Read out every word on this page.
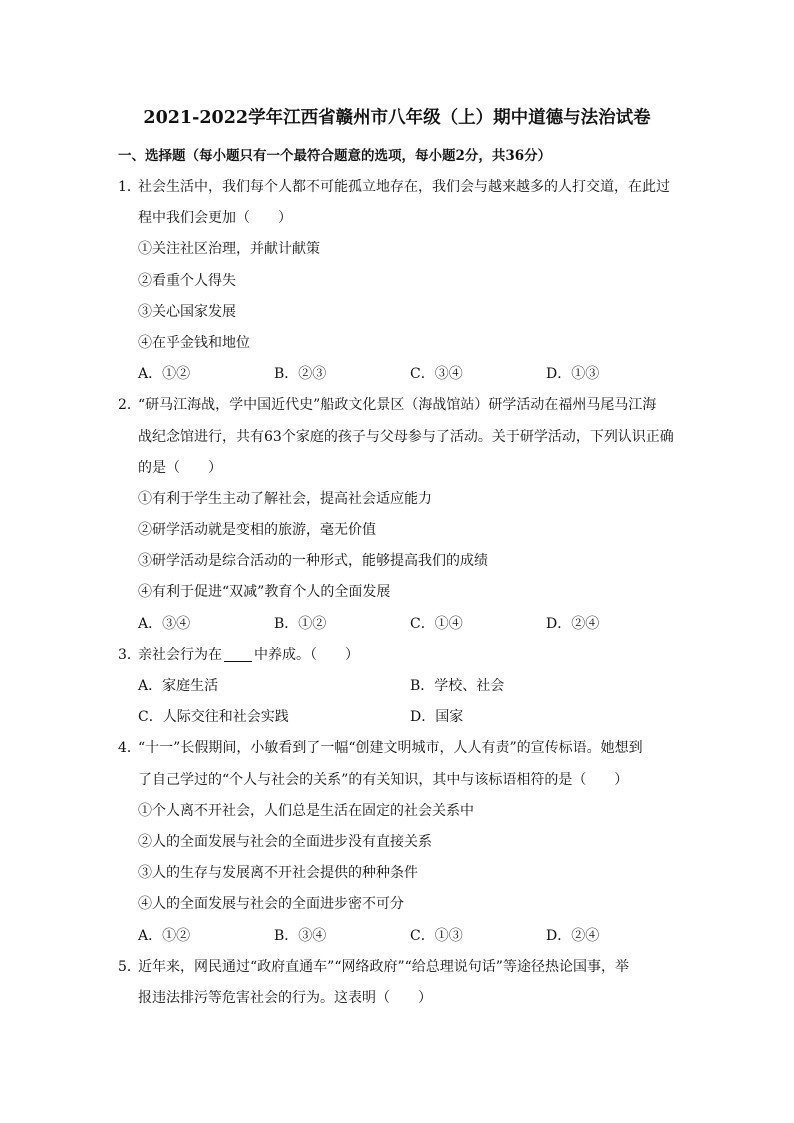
2021-2022学年江西省赣州市八年级（上）期中道德与法治试卷
一、选择题（每小题只有一个最符合题意的选项，每小题2分，共36分）
1．社会生活中，我们每个人都不可能孤立地存在，我们会与越来越多的人打交道，在此过
程中我们会更加（　　）
①关注社区治理，并献计献策
②看重个人得失
③关心国家发展
④在乎金钱和地位
A．①②	B．②③	C．③④	D．①③
2．“研马江海战，学中国近代史”船政文化景区（海战馆站）研学活动在福州马尾马江海
战纪念馆进行，共有63个家庭的孩子与父母参与了活动。关于研学活动，下列认识正确
的是（　　）
①有利于学生主动了解社会，提高社会适应能力
②研学活动就是变相的旅游，毫无价值
③研学活动是综合活动的一种形式，能够提高我们的成绩
④有利于促进“双减”教育个人的全面发展
A．③④	B．①②	C．①④	D．②④
3．亲社会行为在 中养成。（　　）
A．家庭生活	B．学校、社会
C．人际交往和社会实践	D．国家
4．“十一”长假期间，小敏看到了一幅“创建文明城市，人人有责”的宣传标语。她想到
了自己学过的“个人与社会的关系”的有关知识，其中与该标语相符的是（　　）
①个人离不开社会，人们总是生活在固定的社会关系中
②人的全面发展与社会的全面进步没有直接关系
③人的生存与发展离不开社会提供的种种条件
④人的全面发展与社会的全面进步密不可分
A．①②	B．③④	C．①③	D．②④
5．近年来，网民通过“政府直通车”“网络政府”“给总理说句话”等途径热论国事，举
报违法排污等危害社会的行为。这表明（　　）
